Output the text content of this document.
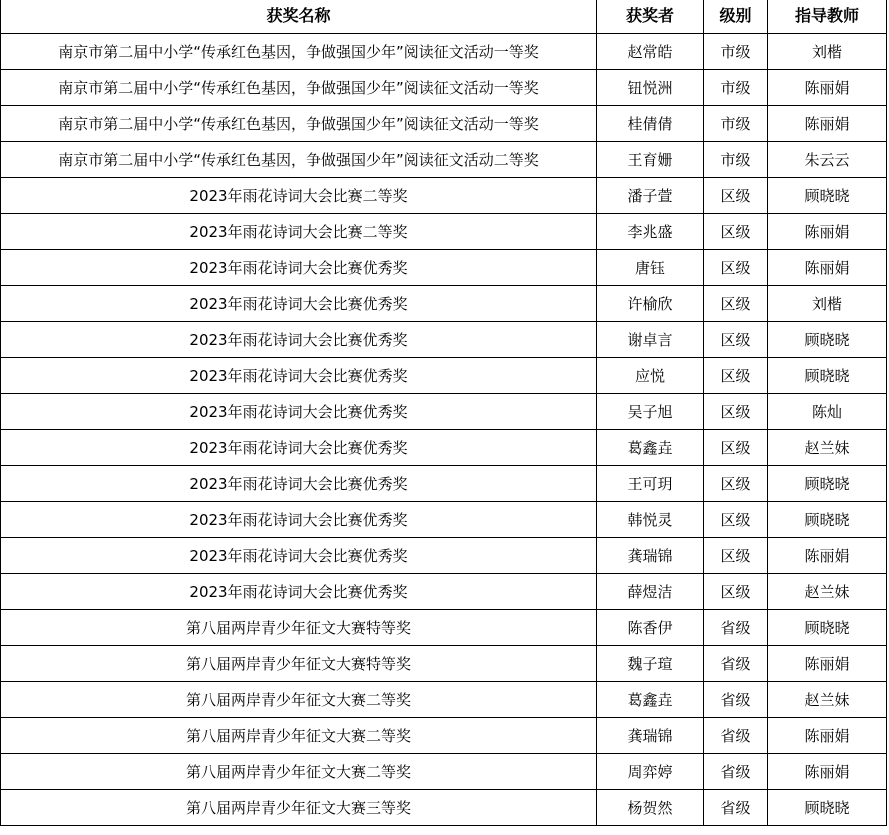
获奖名称	获奖者	级别	指导教师
南京市第二届中小学“传承红色基因，争做强国少年”阅读征文活动一等奖	赵常皓	市级	刘楷
南京市第二届中小学“传承红色基因，争做强国少年”阅读征文活动一等奖	钮悦洲	市级	陈丽娟
南京市第二届中小学“传承红色基因，争做强国少年”阅读征文活动一等奖	桂倩倩	市级	陈丽娟
南京市第二届中小学“传承红色基因，争做强国少年”阅读征文活动二等奖	王育姗	市级	朱云云
2023年雨花诗词大会比赛二等奖	潘子萱	区级	顾晓晓
2023年雨花诗词大会比赛二等奖	李兆盛	区级	陈丽娟
2023年雨花诗词大会比赛优秀奖	唐钰	区级	陈丽娟
2023年雨花诗词大会比赛优秀奖	许榆欣	区级	刘楷
2023年雨花诗词大会比赛优秀奖	谢卓言	区级	顾晓晓
2023年雨花诗词大会比赛优秀奖	应悦	区级	顾晓晓
2023年雨花诗词大会比赛优秀奖	吴子旭	区级	陈灿
2023年雨花诗词大会比赛优秀奖	葛鑫垚	区级	赵兰妹
2023年雨花诗词大会比赛优秀奖	王可玥	区级	顾晓晓
2023年雨花诗词大会比赛优秀奖	韩悦灵	区级	顾晓晓
2023年雨花诗词大会比赛优秀奖	龚瑞锦	区级	陈丽娟
2023年雨花诗词大会比赛优秀奖	薛煜洁	区级	赵兰妹
第八届两岸青少年征文大赛特等奖	陈香伊	省级	顾晓晓
第八届两岸青少年征文大赛特等奖	魏子瑄	省级	陈丽娟
第八届两岸青少年征文大赛二等奖	葛鑫垚	省级	赵兰妹
第八届两岸青少年征文大赛二等奖	龚瑞锦	省级	陈丽娟
第八届两岸青少年征文大赛二等奖	周弈婷	省级	陈丽娟
第八届两岸青少年征文大赛三等奖	杨贺然	省级	顾晓晓
